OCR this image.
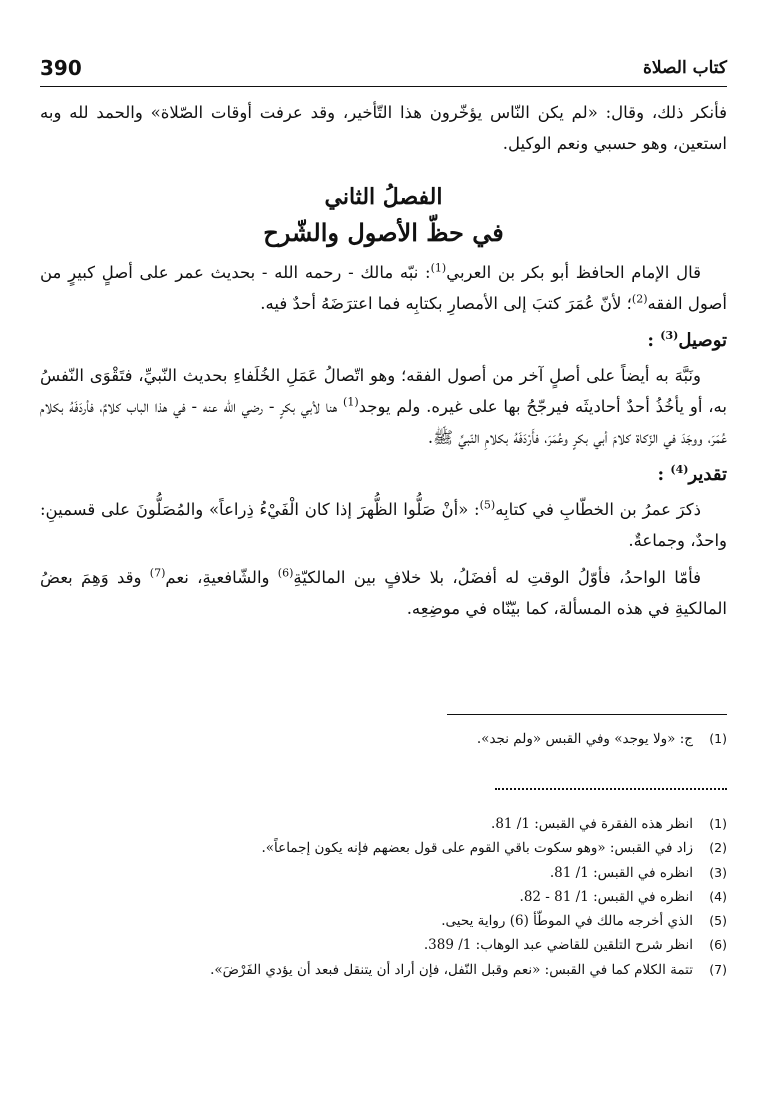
390	كتاب الصلاة

فأنكر ذلك، وقال: «لم يكن النّاس يؤخّرون هذا التّأخير، وقد عرفت أوقات الصّلاة» والحمد لله وبه استعين، وهو حسبي ونعم الوكيل.

الفصلُ الثاني
في حظّ الأصول والشّرح

قال الإمام الحافظ أبو بكر بن العربي$^{(1)}$: نبّه مالك - رحمه الله - بحديث عمر على أصلٍ كبيرٍ من أصول الفقه$^{(2)}$؛ لأنّ عُمَرَ كتبَ إلى الأمصارِ بكتابِه فما اعترَضَهُ أحدٌ فيه.

توصيل$^{(3)}$ :

ونَبَّهَ به أيضاً على أصلٍ آخر من أصول الفقه؛ وهو اتّصالُ عَمَلِ الخُلَفاءِ بحديث النّبيِّ، فتَقْوَى النّفسُ به، أو يأخُذُ أحدٌ أحاديثَه فيرجّحُ بها على غيره. ولم يوجد$^{(1)}$ هنا لأبي بكرٍ - رضي الله عنه - في هذا الباب كلامٌ، فأردَفَهُ بكلام عُمَرَ، ووجَدَ في الزّكاة كلامَ أبي بكرٍ وعُمَرَ، فأَرْدَفَهُ بكلامِ النّبيِّ ﷺ.

تقدير$^{(4)}$ :

ذكرَ عمرُ بن الخطّابِ في كتابِه$^{(5)}$: «أنْ صَلُّوا الظُّهرَ إذا كان الْفَيْءُ ذِراعاً» والمُصَلُّونَ على قسمينِ: واحدٌ، وجماعةٌ.

فأمّا الواحدُ، فأوّلُ الوقتِ له أفضَلُ، بلا خلافٍ بين المالكيّةِ$^{(6)}$ والشّافعيةِ، نعم$^{(7)}$ وقد وَهِمَ بعضُ المالكيةِ في هذه المسألة، كما بيّنّاه في موضِعِه.

(1)
ج: «ولا يوجد» وفي القبس «ولم نجد».
(1)
انظر هذه الفقرة في القبس: 1/ 81.
(2)
زاد في القبس: «وهو سكوت باقي القوم على قول بعضهم فإنه يكون إجماعاً».
(3)
انظره في القبس: 1/ 81.
(4)
انظره في القبس: 1/ 81 - 82.
(5)
الذي أخرجه مالك في الموطّأ (6) رواية يحيى.
(6)
انظر شرح التلقين للقاضي عبد الوهاب: 1/ 389.
(7)
تتمة الكلام كما في القبس: «نعم وقبل النّفل، فإن أراد أن يتنقل فبعد أن يؤدي الفَرْضَ».
